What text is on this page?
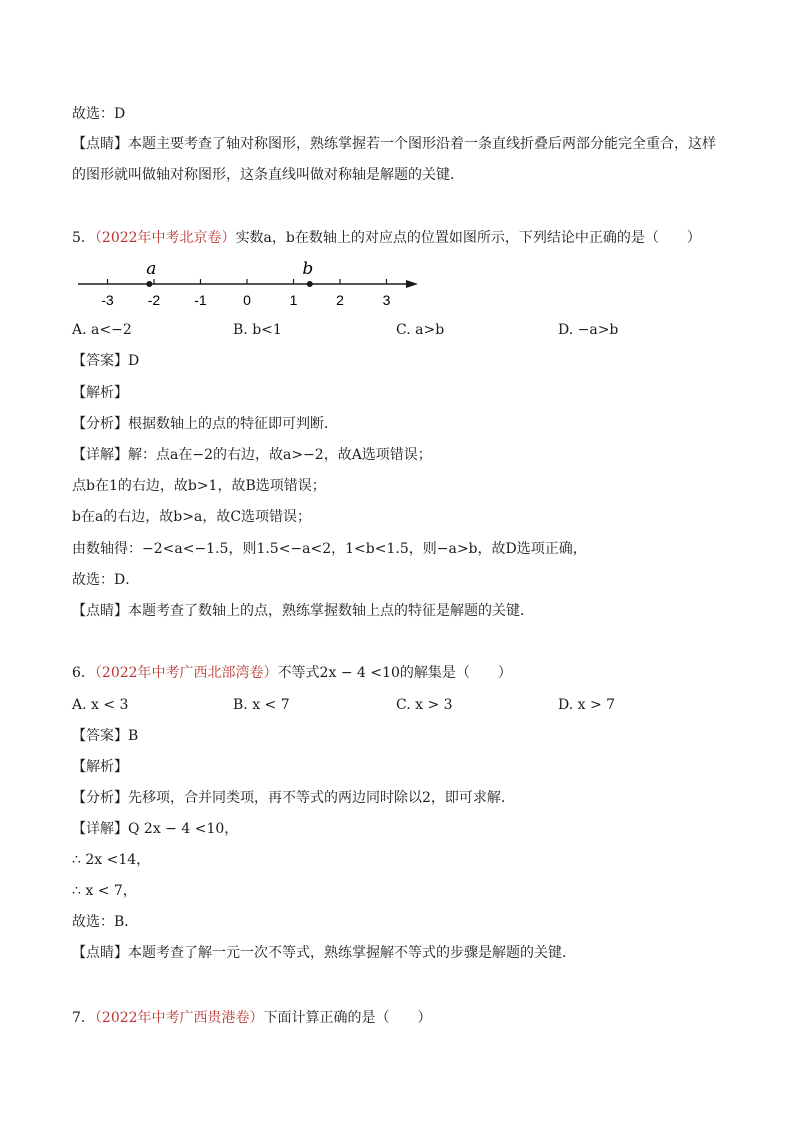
故选：D
【点睛】本题主要考查了轴对称图形，熟练掌握若一个图形沿着一条直线折叠后两部分能完全重合，这样
的图形就叫做轴对称图形，这条直线叫做对称轴是解题的关键．
5．（2022年中考北京卷）实数a，b在数轴上的对应点的位置如图所示，下列结论中正确的是（　　）
-3 -2 -1	0	1	2	3
a	b
A. a<−2	B. b<1	C. a>b	D. −a>b
【答案】D
【解析】
【分析】根据数轴上的点的特征即可判断．
【详解】解：点a在−2的右边，故a>−2，故A选项错误；
点b在1的右边，故b>1，故B选项错误；
b在a的右边，故b>a，故C选项错误；
由数轴得：−2<a<−1.5，则1.5<−a<2，1<b<1.5，则−a>b，故D选项正确，
故选：D．
【点睛】本题考查了数轴上的点，熟练掌握数轴上点的特征是解题的关键．
6．（2022年中考广西北部湾卷）不等式2x − 4 <10的解集是（　　）
A. x < 3	B. x < 7	C. x > 3	D. x > 7
【答案】B
【解析】
【分析】先移项，合并同类项，再不等式的两边同时除以2，即可求解．
【详解】Q 2x − 4 <10，
∴ 2x <14，
∴ x < 7，
故选：B．
【点睛】本题考查了解一元一次不等式，熟练掌握解不等式的步骤是解题的关键．
7．（2022年中考广西贵港卷）下面计算正确的是（　　）
